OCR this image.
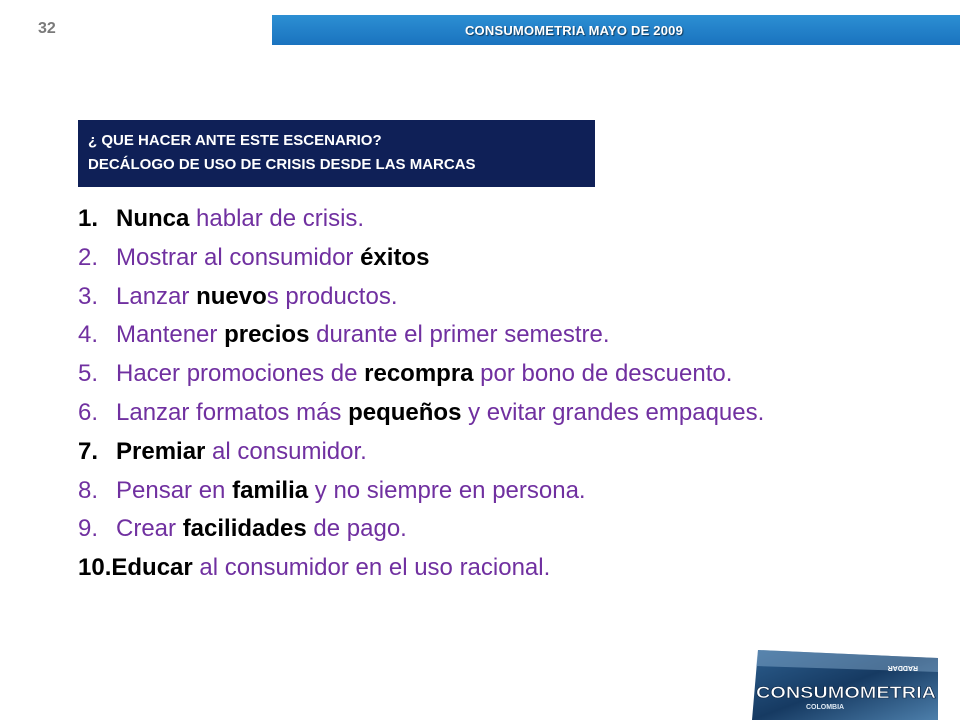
32	CONSUMOMETRIA MAYO DE 2009
¿ QUE HACER ANTE ESTE ESCENARIO?
DECÁLOGO DE USO DE CRISIS DESDE LAS MARCAS
1. Nunca hablar de crisis.
2. Mostrar al consumidor éxitos
3. Lanzar nuevos productos.
4. Mantener precios durante el primer semestre.
5. Hacer promociones de recompra por bono de descuento.
6. Lanzar formatos más pequeños y evitar grandes empaques.
7. Premiar al consumidor.
8. Pensar en familia y no siempre en persona.
9. Crear facilidades de pago.
10. Educar al consumidor en el uso racional.
RADDAR
CONSUMOMETRIA
COLOMBIA
